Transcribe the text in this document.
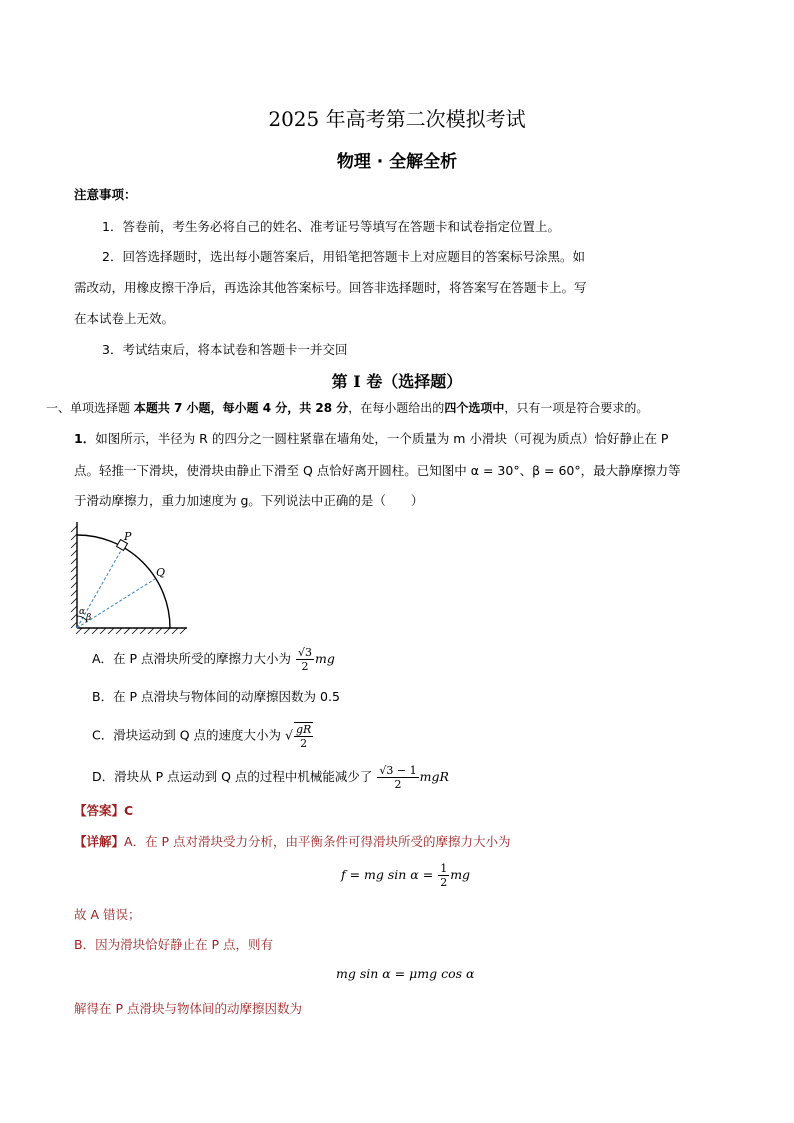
2025 年高考第二次模拟考试
物理 · 全解全析
注意事项：
1．答卷前，考生务必将自己的姓名、准考证号等填写在答题卡和试卷指定位置上。
2．回答选择题时，选出每小题答案后，用铅笔把答题卡上对应题目的答案标号涂黑。如
需改动，用橡皮擦干净后，再选涂其他答案标号。回答非选择题时，将答案写在答题卡上。写
在本试卷上无效。
3．考试结束后，将本试卷和答题卡一并交回
第 I 卷（选择题）
一、单项选择题 本题共 7 小题，每小题 4 分，共 28 分，在每小题给出的四个选项中，只有一项是符合要求的。
1．如图所示，半径为 R 的四分之一圆柱紧靠在墙角处，一个质量为 m 小滑块（可视为质点）恰好静止在 P
点。轻推一下滑块，使滑块由静止下滑至 Q 点恰好离开圆柱。已知图中 α = 30°、β = 60°，最大静摩擦力等
于滑动摩擦力，重力加速度为 g。下列说法中正确的是（　　）
P
Q
α
β
A．在 P 点滑块所受的摩擦力大小为 $\frac{√3}{2}$ mg
B．在 P 点滑块与物体间的动摩擦因数为 0.5
C．滑块运动到 Q 点的速度大小为 √ $\frac{gR}{2}$
D．滑块从 P 点运动到 Q 点的过程中机械能减少了 $\frac{√3 - 1}{2}$ mgR
【答案】C
【详解】A．在 P 点对滑块受力分析，由平衡条件可得滑块所受的摩擦力大小为
f = mg $\sin \alpha = \frac{1}{2}$ mg
故 A 错误；
B．因为滑块恰好静止在 P 点，则有
mg sin α = μmg cos α
解得在 P 点滑块与物体间的动摩擦因数为
